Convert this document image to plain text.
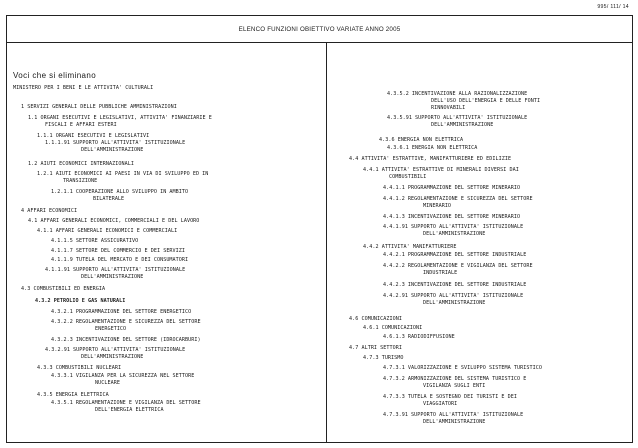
995/ 111/ 14
ELENCO FUNZIONI OBIETTIVO VARIATE ANNO 2005
Voci che si eliminano
MINISTERO PER I BENI E LE ATTIVITA' CULTURALI
1 SERVIZI GENERALI DELLE PUBBLICHE AMMINISTRAZIONI
1.1 ORGANI ESECUTIVI E LEGISLATIVI, ATTIVITA' FINANZIARIE E
FISCALI E AFFARI ESTERI
1.1.1 ORGANI ESECUTIVI E LEGISLATIVI
1.1.1.91 SUPPORTO ALL'ATTIVITA' ISTITUZIONALE
DELL'AMMINISTRAZIONE
1.2 AIUTI ECONOMICI INTERNAZIONALI
1.2.1 AIUTI ECONOMICI AI PAESI IN VIA DI SVILUPPO ED IN
TRANSIZIONE
1.2.1.1 COOPERAZIONE ALLO SVILUPPO IN AMBITO
BILATERALE
4 AFFARI ECONOMICI
4.1 AFFARI GENERALI ECONOMICI, COMMERCIALI E DEL LAVORO
4.1.1 AFFARI GENERALI ECONOMICI E COMMERCIALI
4.1.1.5 SETTORE ASSICURATIVO
4.1.1.7 SETTORE DEL COMMERCIO E DEI SERVIZI
4.1.1.9 TUTELA DEL MERCATO E DEI CONSUMATORI
4.1.1.91 SUPPORTO ALL'ATTIVITA' ISTITUZIONALE
DELL'AMMINISTRAZIONE
4.3 COMBUSTIBILI ED ENERGIA
4.3.2 PETROLIO E GAS NATURALI
4.3.2.1 PROGRAMMAZIONE DEL SETTORE ENERGETICO
4.3.2.2 REGOLAMENTAZIONE E SICUREZZA DEL SETTORE
ENERGETICO
4.3.2.3 INCENTIVAZIONE DEL SETTORE (IDROCARBURI)
4.3.2.91 SUPPORTO ALL'ATTIVITA' ISTITUZIONALE
DELL'AMMINISTRAZIONE
4.3.3 COMBUSTIBILI NUCLEARI
4.3.3.1 VIGILANZA PER LA SICUREZZA NEL SETTORE
NUCLEARE
4.3.5 ENERGIA ELETTRICA
4.3.5.1 REGOLAMENTAZIONE E VIGILANZA DEL SETTORE
DELL'ENERGIA ELETTRICA
4.3.5.2 INCENTIVAZIONE ALLA RAZIONALIZZAZIONE
DELL'USO DELL'ENERGIA E DELLE FONTI
RINNOVABILI
4.3.5.91 SUPPORTO ALL'ATTIVITA' ISTITUZIONALE
DELL'AMMINISTRAZIONE
4.3.6 ENERGIA NON ELETTRICA
4.3.6.1 ENERGIA NON ELETTRICA
4.4 ATTIVITA' ESTRATTIVE, MANIFATTURIERE ED EDILIZIE
4.4.1 ATTIVITA' ESTRATTIVE DI MINERALI DIVERSI DAI
COMBUSTIBILI
4.4.1.1 PROGRAMMAZIONE DEL SETTORE MINERARIO
4.4.1.2 REGOLAMENTAZIONE E SICUREZZA DEL SETTORE
MINERARIO
4.4.1.3 INCENTIVAZIONE DEL SETTORE MINERARIO
4.4.1.91 SUPPORTO ALL'ATTIVITA' ISTITUZIONALE
DELL'AMMINISTRAZIONE
4.4.2 ATTIVITA' MANIFATTURIERE
4.4.2.1 PROGRAMMAZIONE DEL SETTORE INDUSTRIALE
4.4.2.2 REGOLAMENTAZIONE E VIGILANZA DEL SETTORE
INDUSTRIALE
4.4.2.3 INCENTIVAZIONE DEL SETTORE INDUSTRIALE
4.4.2.91 SUPPORTO ALL'ATTIVITA' ISTITUZIONALE
DELL'AMMINISTRAZIONE
4.6 COMUNICAZIONI
4.6.1 COMUNICAZIONI
4.6.1.3 RADIODIFFUSIONE
4.7 ALTRI SETTORI
4.7.3 TURISMO
4.7.3.1 VALORIZZAZIONE E SVILUPPO SISTEMA TURISTICO
4.7.3.2 ARMONIZZAZIONE DEL SISTEMA TURISTICO E
VIGILANZA SUGLI ENTI
4.7.3.3 TUTELA E SOSTEGNO DEI TURISTI E DEI
VIAGGIATORI
4.7.3.91 SUPPORTO ALL'ATTIVITA' ISTITUZIONALE
DELL'AMMINISTRAZIONE
